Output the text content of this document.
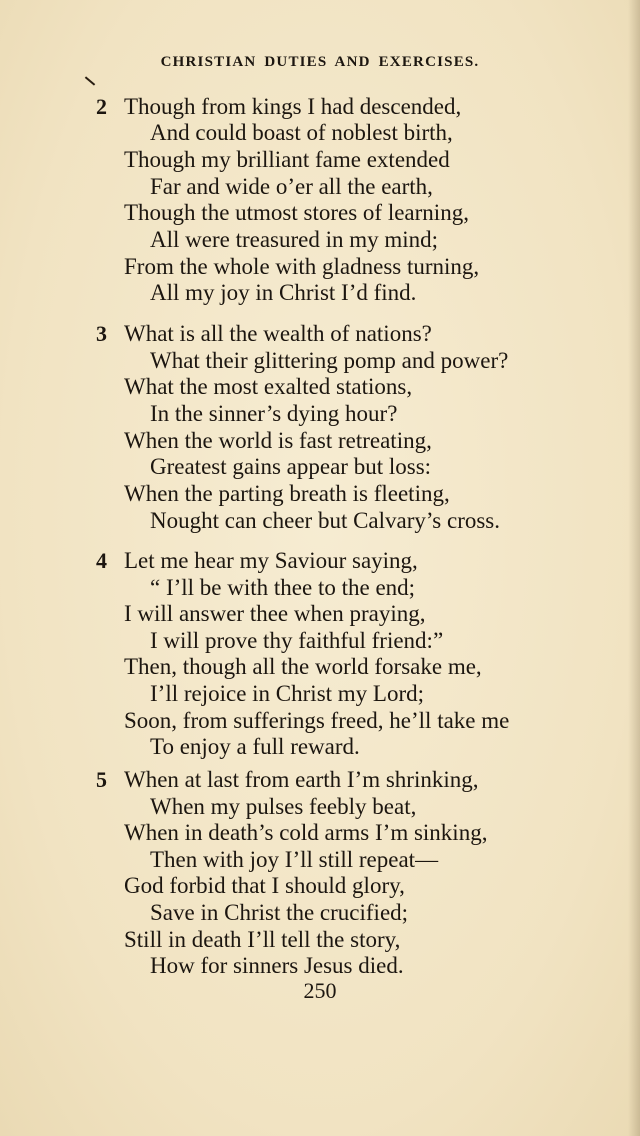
CHRISTIAN DUTIES AND EXERCISES.
2 Though from kings I had descended,
And could boast of noblest birth,
Though my brilliant fame extended
Far and wide o’er all the earth,
Though the utmost stores of learning,
All were treasured in my mind;
From the whole with gladness turning,
All my joy in Christ I’d find.
3 What is all the wealth of nations?
What their glittering pomp and power?
What the most exalted stations,
In the sinner’s dying hour?
When the world is fast retreating,
Greatest gains appear but loss:
When the parting breath is fleeting,
Nought can cheer but Calvary’s cross.
4 Let me hear my Saviour saying,
“ I’ll be with thee to the end;
I will answer thee when praying,
I will prove thy faithful friend:”
Then, though all the world forsake me,
I’ll rejoice in Christ my Lord;
Soon, from sufferings freed, he’ll take me
To enjoy a full reward.
5 When at last from earth I’m shrinking,
When my pulses feebly beat,
When in death’s cold arms I’m sinking,
Then with joy I’ll still repeat—
God forbid that I should glory,
Save in Christ the crucified;
Still in death I’ll tell the story,
How for sinners Jesus died.
250
